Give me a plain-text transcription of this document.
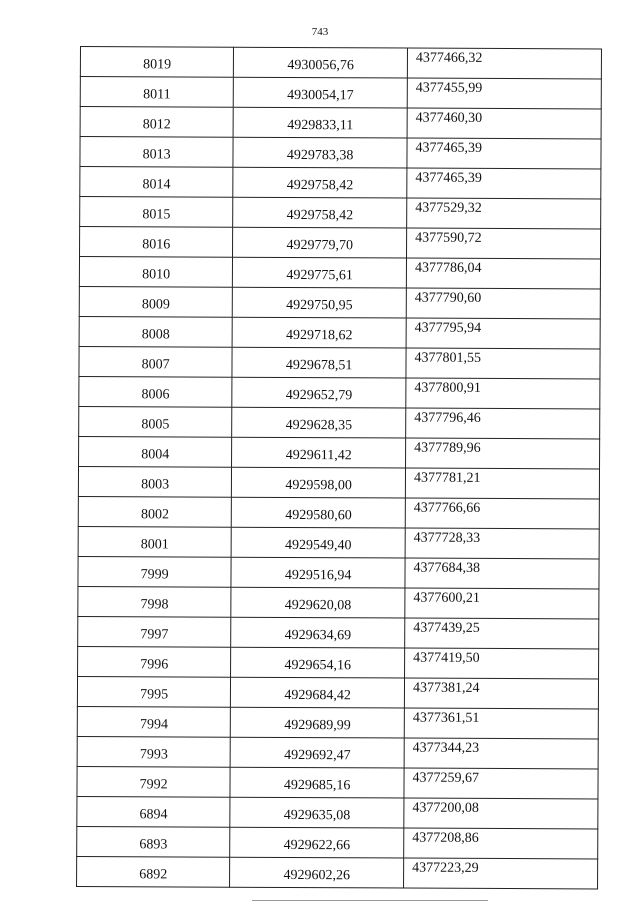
743
8019	4930056,76	4377466,32
8011	4930054,17	4377455,99
8012	4929833,11	4377460,30
8013	4929783,38	4377465,39
8014	4929758,42	4377465,39
8015	4929758,42	4377529,32
8016	4929779,70	4377590,72
8010	4929775,61	4377786,04
8009	4929750,95	4377790,60
8008	4929718,62	4377795,94
8007	4929678,51	4377801,55
8006	4929652,79	4377800,91
8005	4929628,35	4377796,46
8004	4929611,42	4377789,96
8003	4929598,00	4377781,21
8002	4929580,60	4377766,66
8001	4929549,40	4377728,33
7999	4929516,94	4377684,38
7998	4929620,08	4377600,21
7997	4929634,69	4377439,25
7996	4929654,16	4377419,50
7995	4929684,42	4377381,24
7994	4929689,99	4377361,51
7993	4929692,47	4377344,23
7992	4929685,16	4377259,67
6894	4929635,08	4377200,08
6893	4929622,66	4377208,86
6892	4929602,26	4377223,29
